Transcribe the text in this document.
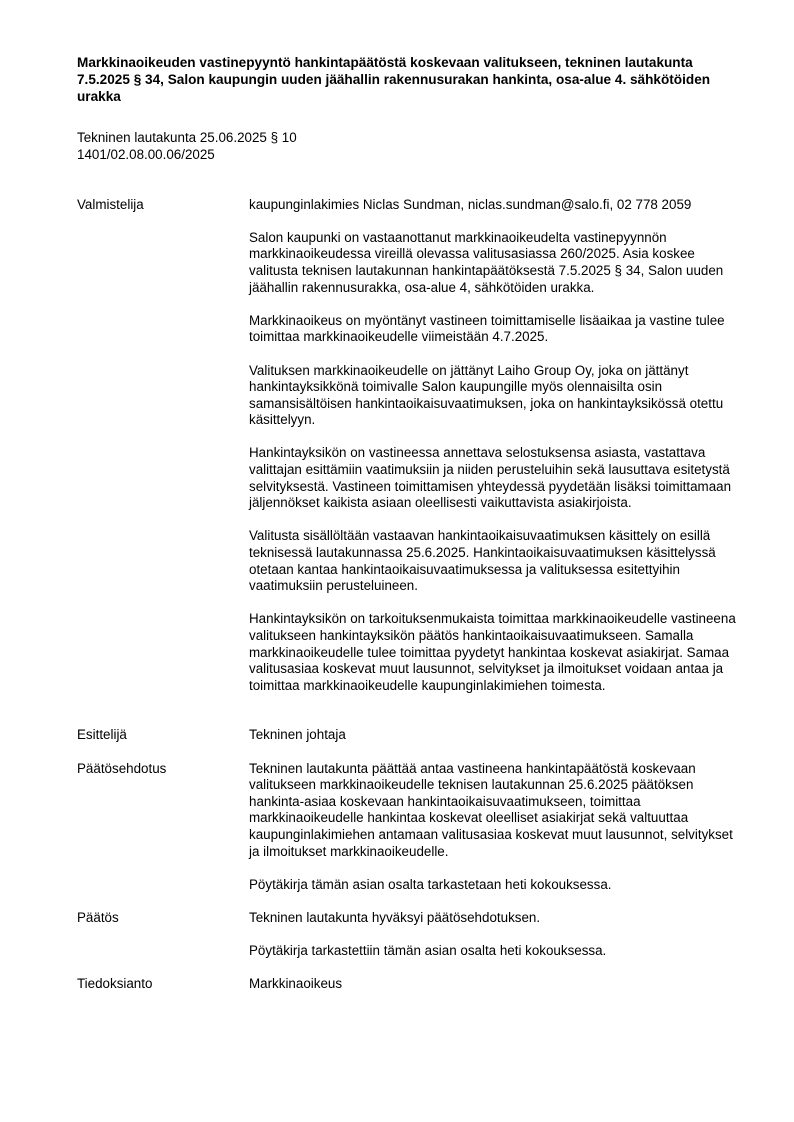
Markkinaoikeuden vastinepyyntö hankintapäätöstä koskevaan valitukseen, tekninen lautakunta 7.5.2025 § 34, Salon kaupungin uuden jäähallin rakennusurakan hankinta, osa-alue 4. sähkötöiden urakka

Tekninen lautakunta 25.06.2025 § 10
1401/02.08.00.06/2025
Valmistelija	kaupunginlakimies Niclas Sundman, niclas.sundman@salo.fi, 02 778 2059

Salon kaupunki on vastaanottanut markkinaoikeudelta vastinepyynnön markkinaoikeudessa vireillä olevassa valitusasiassa 260/2025. Asia koskee valitusta teknisen lautakunnan hankintapäätöksestä 7.5.2025 § 34, Salon uuden jäähallin rakennusurakka, osa-alue 4, sähkötöiden urakka.

Markkinaoikeus on myöntänyt vastineen toimittamiselle lisäaikaa ja vastine tulee toimittaa markkinaoikeudelle viimeistään 4.7.2025.

Valituksen markkinaoikeudelle on jättänyt Laiho Group Oy, joka on jättänyt hankintayksikkönä toimivalle Salon kaupungille myös olennaisilta osin samansisältöisen hankintaoikaisuvaatimuksen, joka on hankintayksikössä otettu käsittelyyn.

Hankintayksikön on vastineessa annettava selostuksensa asiasta, vastattava valittajan esittämiin vaatimuksiin ja niiden perusteluihin sekä lausuttava esitetystä selvityksestä. Vastineen toimittamisen yhteydessä pyydetään lisäksi toimittamaan jäljennökset kaikista asiaan oleellisesti vaikuttavista asiakirjoista.

Valitusta sisällöltään vastaavan hankintaoikaisuvaatimuksen käsittely on esillä teknisessä lautakunnassa 25.6.2025. Hankintaoikaisuvaatimuksen käsittelyssä otetaan kantaa hankintaoikaisuvaatimuksessa ja valituksessa esitettyihin vaatimuksiin perusteluineen.

Hankintayksikön on tarkoituksenmukaista toimittaa markkinaoikeudelle vastineena valitukseen hankintayksikön päätös hankintaoikaisuvaatimukseen. Samalla markkinaoikeudelle tulee toimittaa pyydetyt hankintaa koskevat asiakirjat. Samaa valitusasiaa koskevat muut lausunnot, selvitykset ja ilmoitukset voidaan antaa ja toimittaa markkinaoikeudelle kaupunginlakimiehen toimesta.

Esittelijä	Tekninen johtaja

Päätösehdotus	Tekninen lautakunta päättää antaa vastineena hankintapäätöstä koskevaan valitukseen markkinaoikeudelle teknisen lautakunnan 25.6.2025 päätöksen hankinta-asiaa koskevaan hankintaoikaisuvaatimukseen, toimittaa markkinaoikeudelle hankintaa koskevat oleelliset asiakirjat sekä valtuuttaa kaupunginlakimiehen antamaan valitusasiaa koskevat muut lausunnot, selvitykset ja ilmoitukset markkinaoikeudelle.

Pöytäkirja tämän asian osalta tarkastetaan heti kokouksessa.

Päätös	Tekninen lautakunta hyväksyi päätösehdotuksen.

Pöytäkirja tarkastettiin tämän asian osalta heti kokouksessa.

Tiedoksianto	Markkinaoikeus
